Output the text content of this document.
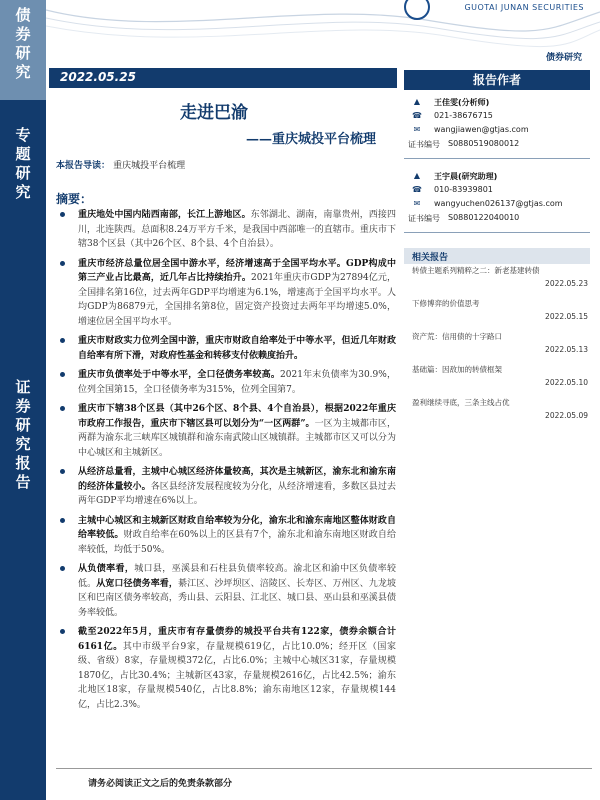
债
券
研
究
专
题
研
究
证
券
研
究
报
告
GUOTAI JUNAN SECURITIES
债券研究
2022.05.25
走进巴渝
——重庆城投平台梳理
本报告导读： 重庆城投平台梳理
摘要：
重庆地处中国内陆西南部，长江上游地区。东邻湖北、湖南，南靠贵州，西接四川，北连陕西。总面积8.24万平方千米，是我国中西部唯一的直辖市。重庆市下辖38个区县（其中26个区、8个县、4个自治县）。
重庆市经济总量位居全国中游水平，经济增速高于全国平均水平。GDP构成中第三产业占比最高，近几年占比持续抬升。2021年重庆市GDP为27894亿元，全国排名第16位，过去两年GDP平均增速为6.1%，增速高于全国平均水平。人均GDP为86879元，全国排名第8位，固定资产投资过去两年平均增速5.0%，增速位居全国平均水平。
重庆市财政实力位列全国中游，重庆市财政自给率处于中等水平，但近几年财政自给率有所下滑，对政府性基金和转移支付依赖度抬升。
重庆市负债率处于中等水平，全口径债务率较高。2021年末负债率为30.9%，位列全国第15，全口径债务率为315%，位列全国第7。
重庆市下辖38个区县（其中26个区、8个县、4个自治县），根据2022年重庆市政府工作报告，重庆市下辖区县可以划分为“一区两群”。一区为主城都市区，两群为渝东北三峡库区城镇群和渝东南武陵山区城镇群。主城都市区又可以分为中心城区和主城新区。
从经济总量看，主城中心城区经济体量较高，其次是主城新区，渝东北和渝东南的经济体量较小。各区县经济发展程度较为分化，从经济增速看，多数区县过去两年GDP平均增速在6%以上。
主城中心城区和主城新区财政自给率较为分化，渝东北和渝东南地区整体财政自给率较低。财政自给率在60%以上的区县有7个，渝东北和渝东南地区财政自给率较低，均低于50%。
从负债率看，城口县，巫溪县和石柱县负债率较高。渝北区和渝中区负债率较低。从宽口径债务率看，綦江区、沙坪坝区、涪陵区、长寿区、万州区、九龙坡区和巴南区债务率较高，秀山县、云阳县、江北区、城口县、巫山县和巫溪县债务率较低。
截至2022年5月，重庆市有存量债券的城投平台共有122家，债券余额合计6161亿。其中市级平台9家，存量规模619亿，占比10.0%；经开区（国家级、省级）8家，存量规模372亿，占比6.0%；主城中心城区31家，存量规模1870亿，占比30.4%；主城新区43家，存量规模2616亿，占比42.5%；渝东北地区18家，存量规模540亿，占比8.8%；渝东南地区12家，存量规模144亿，占比2.3%。
报告作者
▲ 王佳雯(分析师)
☎ 021-38676715
✉ wangjiawen@gtjas.com
证书编号 S0880519080012
▲ 王宇晨(研究助理)
☎ 010-83939801
✉ wangyuchen026137@gtjas.com
证书编号 S0880122040010
相关报告
转债主题系列精粹之二：新老基建转债
2022.05.23
下修博弈的价值思考
2022.05.15
资产荒：信用债的十字路口
2022.05.13
基础篇：因敌加的转债框架
2022.05.10
盈利继续寻底，三条主线占优
2022.05.09
请务必阅读正文之后的免责条款部分
